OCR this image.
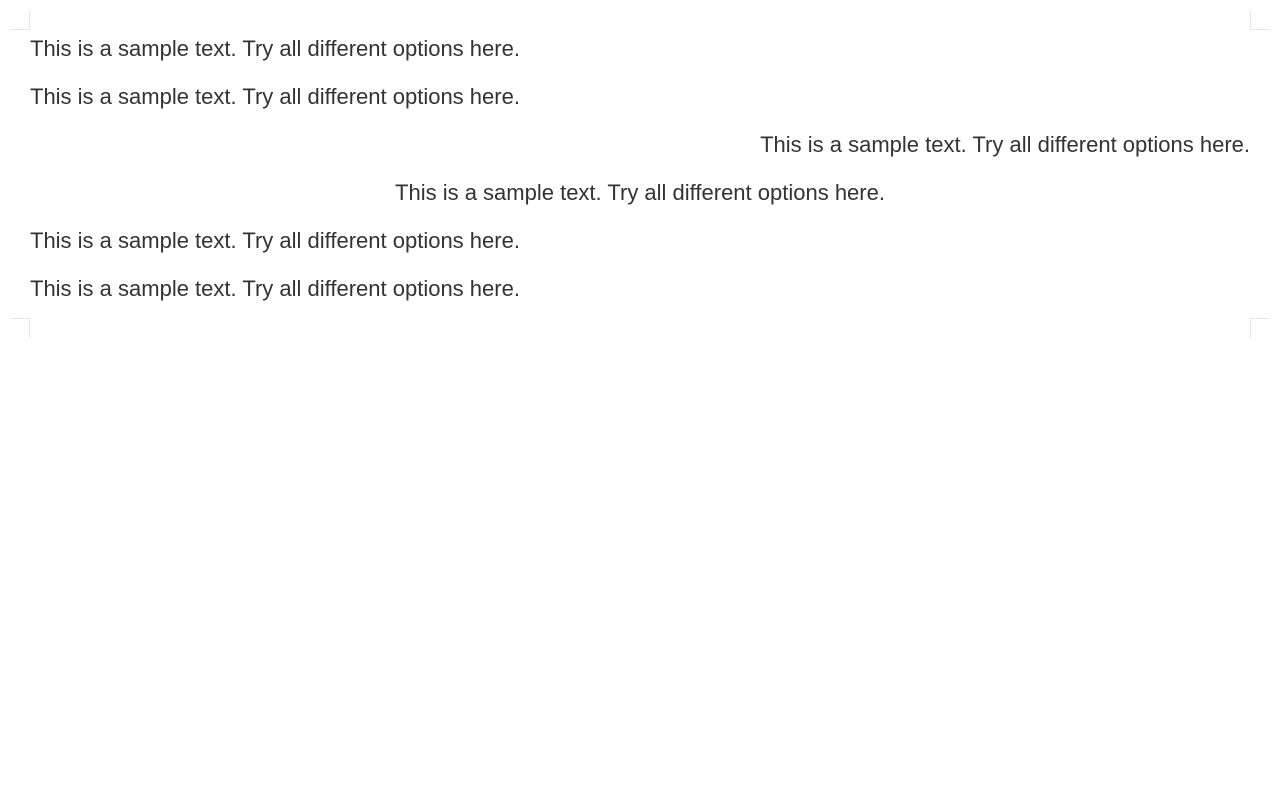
This is a sample text. Try all different options here.

This is a sample text. Try all different options here.

This is a sample text. Try all different options here.

This is a sample text. Try all different options here.

This is a sample text. Try all different options here.

This is a sample text. Try all different options here.
